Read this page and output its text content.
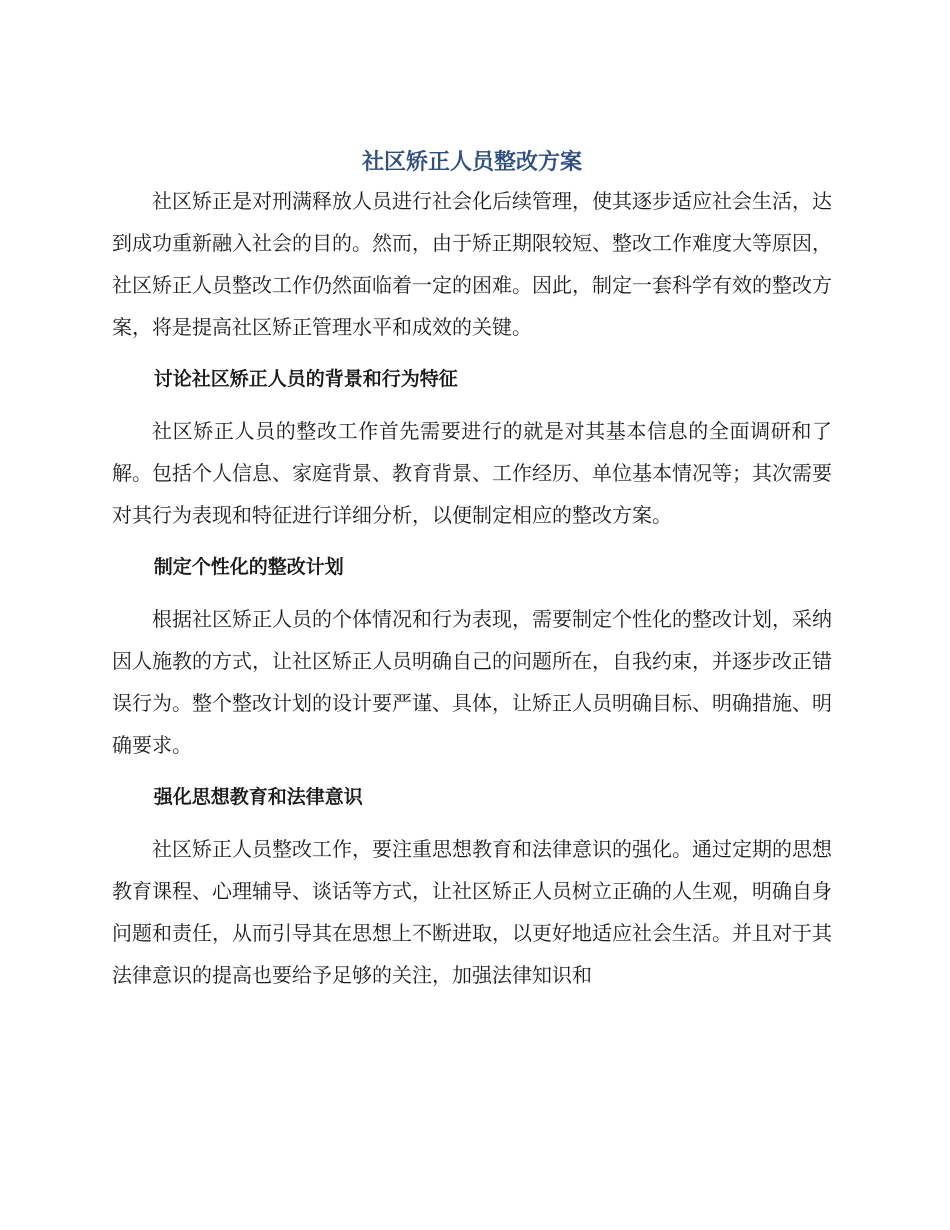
社区矫正人员整改方案

社区矫正是对刑满释放人员进行社会化后续管理，使其逐步适应社会生活，达到成功重新融入社会的目的。然而，由于矫正期限较短、整改工作难度大等原因，社区矫正人员整改工作仍然面临着一定的困难。因此，制定一套科学有效的整改方案，将是提高社区矫正管理水平和成效的关键。

讨论社区矫正人员的背景和行为特征

社区矫正人员的整改工作首先需要进行的就是对其基本信息的全面调研和了解。包括个人信息、家庭背景、教育背景、工作经历、单位基本情况等；其次需要对其行为表现和特征进行详细分析，以便制定相应的整改方案。

制定个性化的整改计划

根据社区矫正人员的个体情况和行为表现，需要制定个性化的整改计划，采纳因人施教的方式，让社区矫正人员明确自己的问题所在，自我约束，并逐步改正错误行为。整个整改计划的设计要严谨、具体，让矫正人员明确目标、明确措施、明确要求。

强化思想教育和法律意识

社区矫正人员整改工作，要注重思想教育和法律意识的强化。通过定期的思想教育课程、心理辅导、谈话等方式，让社区矫正人员树立正确的人生观，明确自身问题和责任，从而引导其在思想上不断进取，以更好地适应社会生活。并且对于其法律意识的提高也要给予足够的关注，加强法律知识和
